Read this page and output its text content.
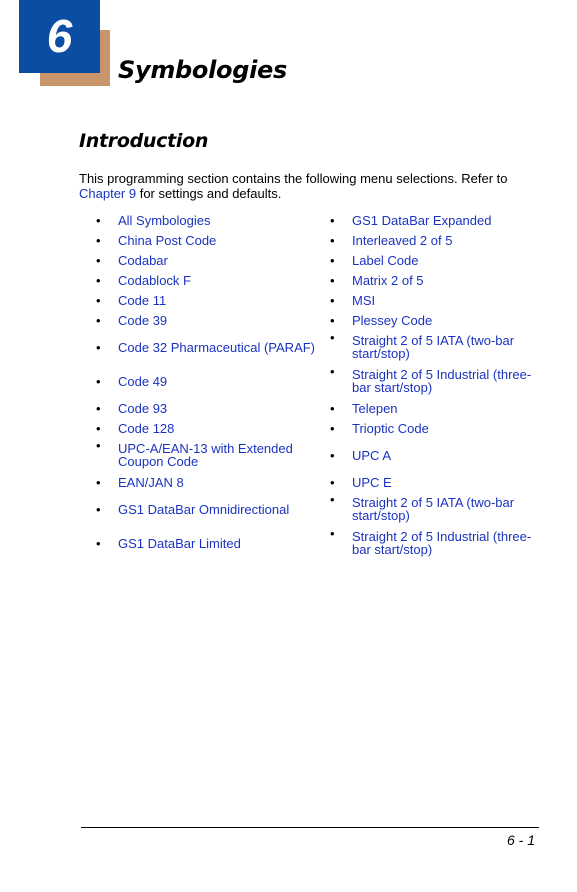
6
Symbologies
Introduction
This programming section contains the following menu selections. Refer to Chapter 9 for settings and defaults.
•	All Symbologies	•	GS1 DataBar Expanded
•	China Post Code	•	Interleaved 2 of 5
•	Codabar	•	Label Code
•	Codablock F	•	Matrix 2 of 5
•	Code 11	•	MSI
•	Code 39	•	Plessey Code
•	Code 32 Pharmaceutical (PARAF)	•	Straight 2 of 5 IATA (two-bar start/stop)
•	Code 49	•	Straight 2 of 5 Industrial (three-bar start/stop)
•	Code 93	•	Telepen
•	Code 128	•	Trioptic Code
•	UPC-A/EAN-13 with Extended Coupon Code	•	UPC A
•	EAN/JAN 8	•	UPC E
•	GS1 DataBar Omnidirectional	•	Straight 2 of 5 IATA (two-bar start/stop)
•	GS1 DataBar Limited	•	Straight 2 of 5 Industrial (three-bar start/stop)
6 - 1
